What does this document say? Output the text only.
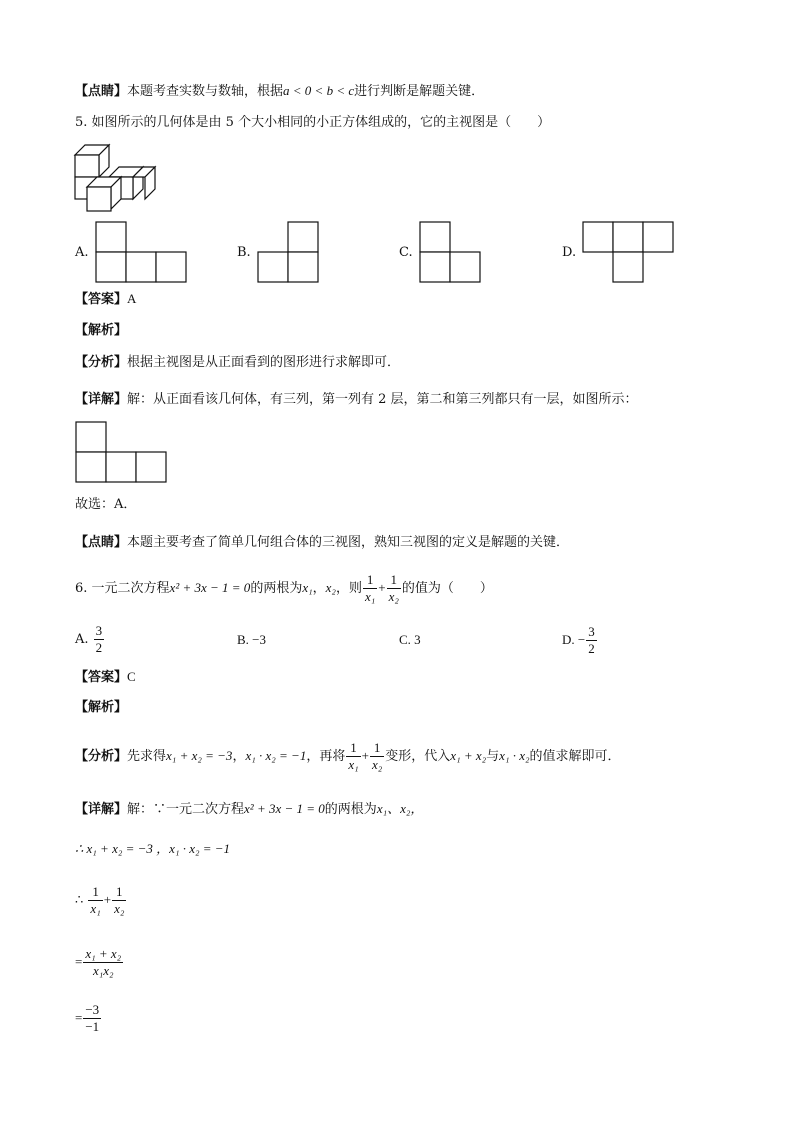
【点睛】本题考查实数与数轴，根据a < 0 < b < c进行判断是解题关键．
5. 如图所示的几何体是由 5 个大小相同的小正方体组成的，它的主视图是（　　）
A.	B.	C.	D.
【答案】A
【解析】
【分析】根据主视图是从正面看到的图形进行求解即可．
【详解】解：从正面看该几何体，有三列，第一列有 2 层，第二和第三列都只有一层，如图所示：
故选：A．
【点睛】本题主要考查了简单几何组合体的三视图，熟知三视图的定义是解题的关键．
6. 一元二次方程x² + 3x − 1 = 0的两根为x₁，x₂，则 $\frac{1}{\text{x₁}} + \frac{1}{\text{x₂}}$ 的值为（　　）
A. $\frac{3}{2}$	B. −3	C. 3	D. − $\frac{3}{2}$
【答案】C
【解析】
【分析】先求得x₁ + x₂ = −3，x₁ · x₂ = −1，再将 $\frac{1}{\text{x₁}} + \frac{1}{\text{x₂}}$ 变形，代入x₁ + x₂与x₁ · x₂的值求解即可．
【详解】解：∵一元二次方程x² + 3x − 1 = 0的两根为x₁、x₂，
∴ x₁ + x₂ = −3 ，x₁ · x₂ = −1
∴ $\frac{1}{\text{x₁}} + \frac{1}{\text{x₂}}$
= $\frac{\text{x₁ + x₂}}{\text{x₁x₂}}$
= $\frac{-3}{-1}$
